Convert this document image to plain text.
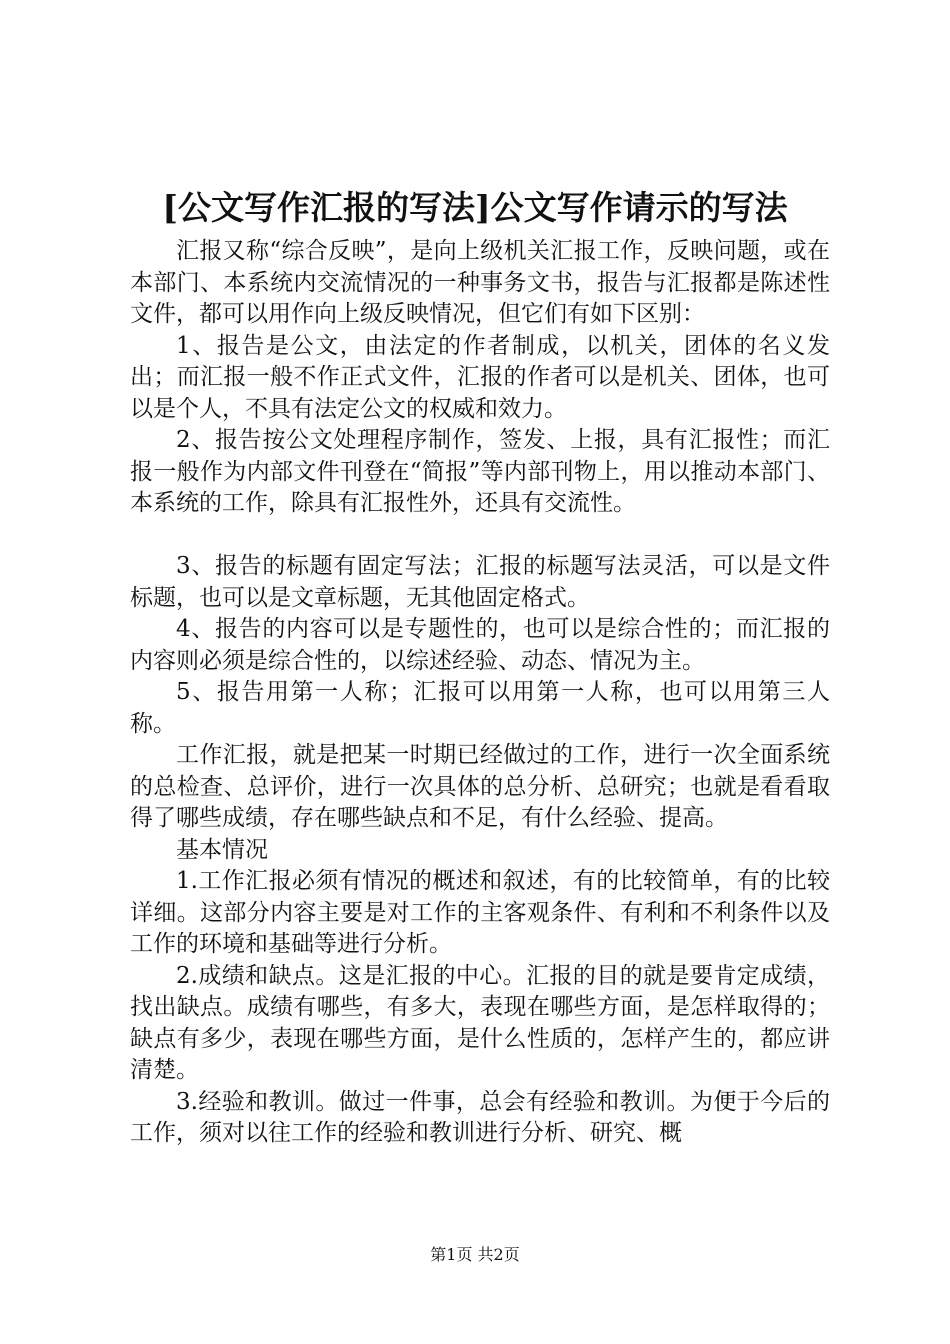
[公文写作汇报的写法]公文写作请示的写法

汇报又称“综合反映”，是向上级机关汇报工作，反映问题，或在本部门、本系统内交流情况的一种事务文书，报告与汇报都是陈述性文件，都可以用作向上级反映情况，但它们有如下区别：

1、报告是公文，由法定的作者制成，以机关，团体的名义发出；而汇报一般不作正式文件，汇报的作者可以是机关、团体，也可以是个人，不具有法定公文的权威和效力。

2、报告按公文处理程序制作，签发、上报，具有汇报性；而汇报一般作为内部文件刊登在“简报”等内部刊物上，用以推动本部门、本系统的工作，除具有汇报性外，还具有交流性。

3、报告的标题有固定写法；汇报的标题写法灵活，可以是文件标题，也可以是文章标题，无其他固定格式。

4、报告的内容可以是专题性的，也可以是综合性的；而汇报的内容则必须是综合性的，以综述经验、动态、情况为主。

5、报告用第一人称；汇报可以用第一人称，也可以用第三人称。

工作汇报，就是把某一时期已经做过的工作，进行一次全面系统的总检查、总评价，进行一次具体的总分析、总研究；也就是看看取得了哪些成绩，存在哪些缺点和不足，有什么经验、提高。

基本情况

1.工作汇报必须有情况的概述和叙述，有的比较简单，有的比较详细。这部分内容主要是对工作的主客观条件、有利和不利条件以及工作的环境和基础等进行分析。

2.成绩和缺点。这是汇报的中心。汇报的目的就是要肯定成绩，找出缺点。成绩有哪些，有多大，表现在哪些方面，是怎样取得的；缺点有多少，表现在哪些方面，是什么性质的，怎样产生的，都应讲清楚。

3.经验和教训。做过一件事，总会有经验和教训。为便于今后的工作，须对以往工作的经验和教训进行分析、研究、概

第1页 共2页
